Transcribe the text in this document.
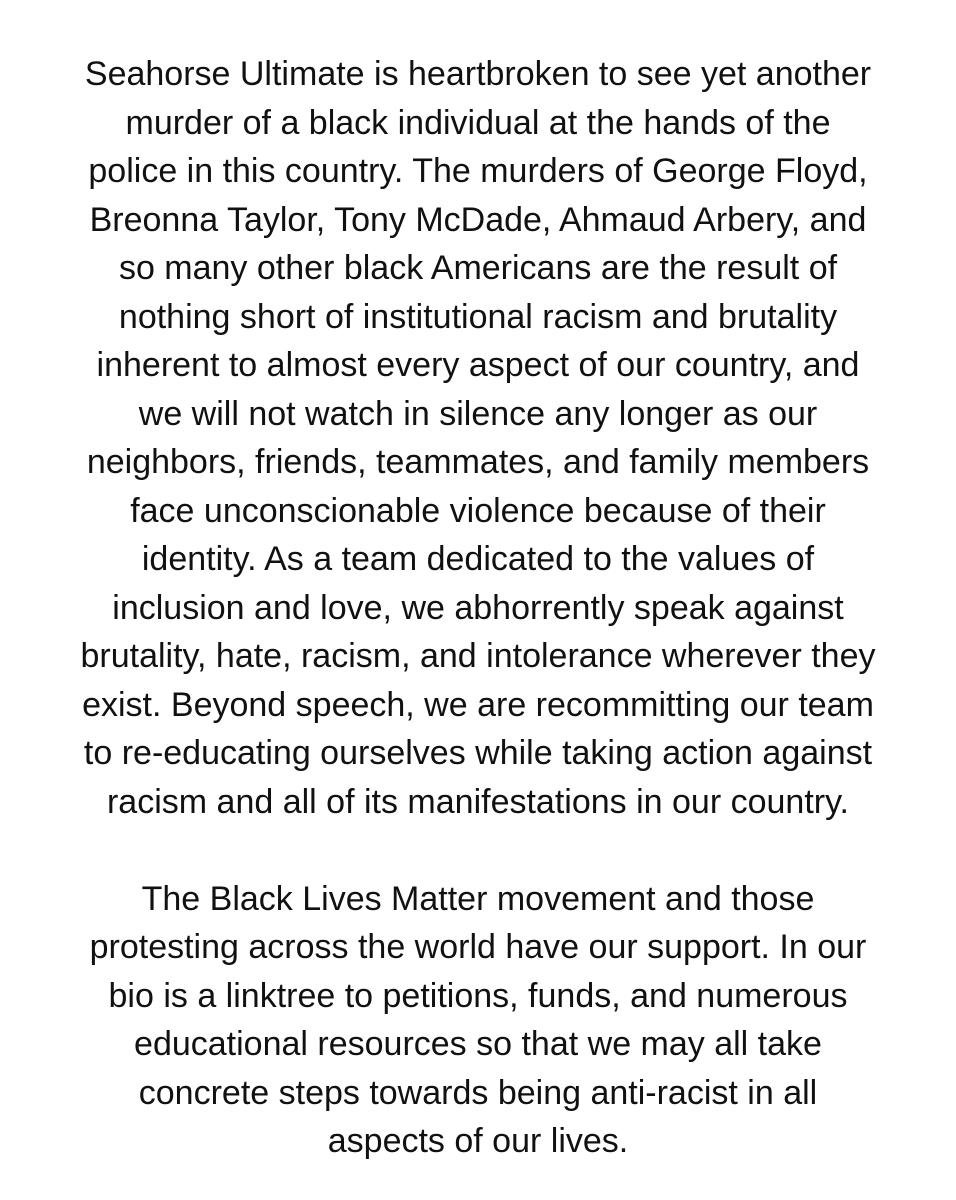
Seahorse Ultimate is heartbroken to see yet another
murder of a black individual at the hands of the
police in this country. The murders of George Floyd,
Breonna Taylor, Tony McDade, Ahmaud Arbery, and
so many other black Americans are the result of
nothing short of institutional racism and brutality
inherent to almost every aspect of our country, and
we will not watch in silence any longer as our
neighbors, friends, teammates, and family members
face unconscionable violence because of their
identity. As a team dedicated to the values of
inclusion and love, we abhorrently speak against
brutality, hate, racism, and intolerance wherever they
exist. Beyond speech, we are recommitting our team
to re-educating ourselves while taking action against
racism and all of its manifestations in our country.

The Black Lives Matter movement and those
protesting across the world have our support. In our
bio is a linktree to petitions, funds, and numerous
educational resources so that we may all take
concrete steps towards being anti-racist in all
aspects of our lives.
